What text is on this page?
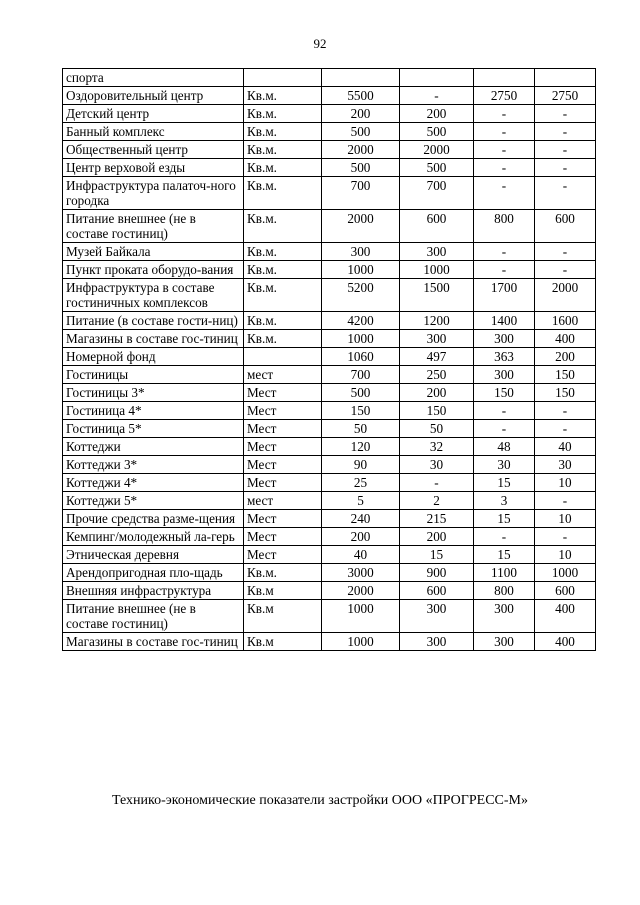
92
спорта					
Оздоровительный центр	Кв.м.	5500	-	2750	2750
Детский центр	Кв.м.	200	200	-	-
Банный комплекс	Кв.м.	500	500	-	-
Общественный центр	Кв.м.	2000	2000	-	-
Центр верховой езды	Кв.м.	500	500	-	-
Инфраструктура палаточ-ного городка	Кв.м.	700	700	-	-
Питание внешнее (не в составе гостиниц)	Кв.м.	2000	600	800	600
Музей Байкала	Кв.м.	300	300	-	-
Пункт проката оборудо-вания	Кв.м.	1000	1000	-	-
Инфраструктура в составе гостиничных комплексов	Кв.м.	5200	1500	1700	2000
Питание (в составе гости-ниц)	Кв.м.	4200	1200	1400	1600
Магазины в составе гос-тиниц	Кв.м.	1000	300	300	400
Номерной фонд		1060	497	363	200
Гостиницы	мест	700	250	300	150
Гостиницы 3*	Мест	500	200	150	150
Гостиница 4*	Мест	150	150	-	-
Гостиница 5*	Мест	50	50	-	-
Коттеджи	Мест	120	32	48	40
Коттеджи 3*	Мест	90	30	30	30
Коттеджи 4*	Мест	25	-	15	10
Коттеджи 5*	мест	5	2	3	-
Прочие средства разме-щения	Мест	240	215	15	10
Кемпинг/молодежный ла-герь	Мест	200	200	-	-
Этническая деревня	Мест	40	15	15	10
Арендопригодная пло-щадь	Кв.м.	3000	900	1100	1000
Внешняя инфраструктура	Кв.м	2000	600	800	600
Питание внешнее (не в составе гостиниц)	Кв.м	1000	300	300	400
Магазины в составе гос-тиниц	Кв.м	1000	300	300	400
Технико-экономические показатели застройки ООО «ПРОГРЕСС-М»
